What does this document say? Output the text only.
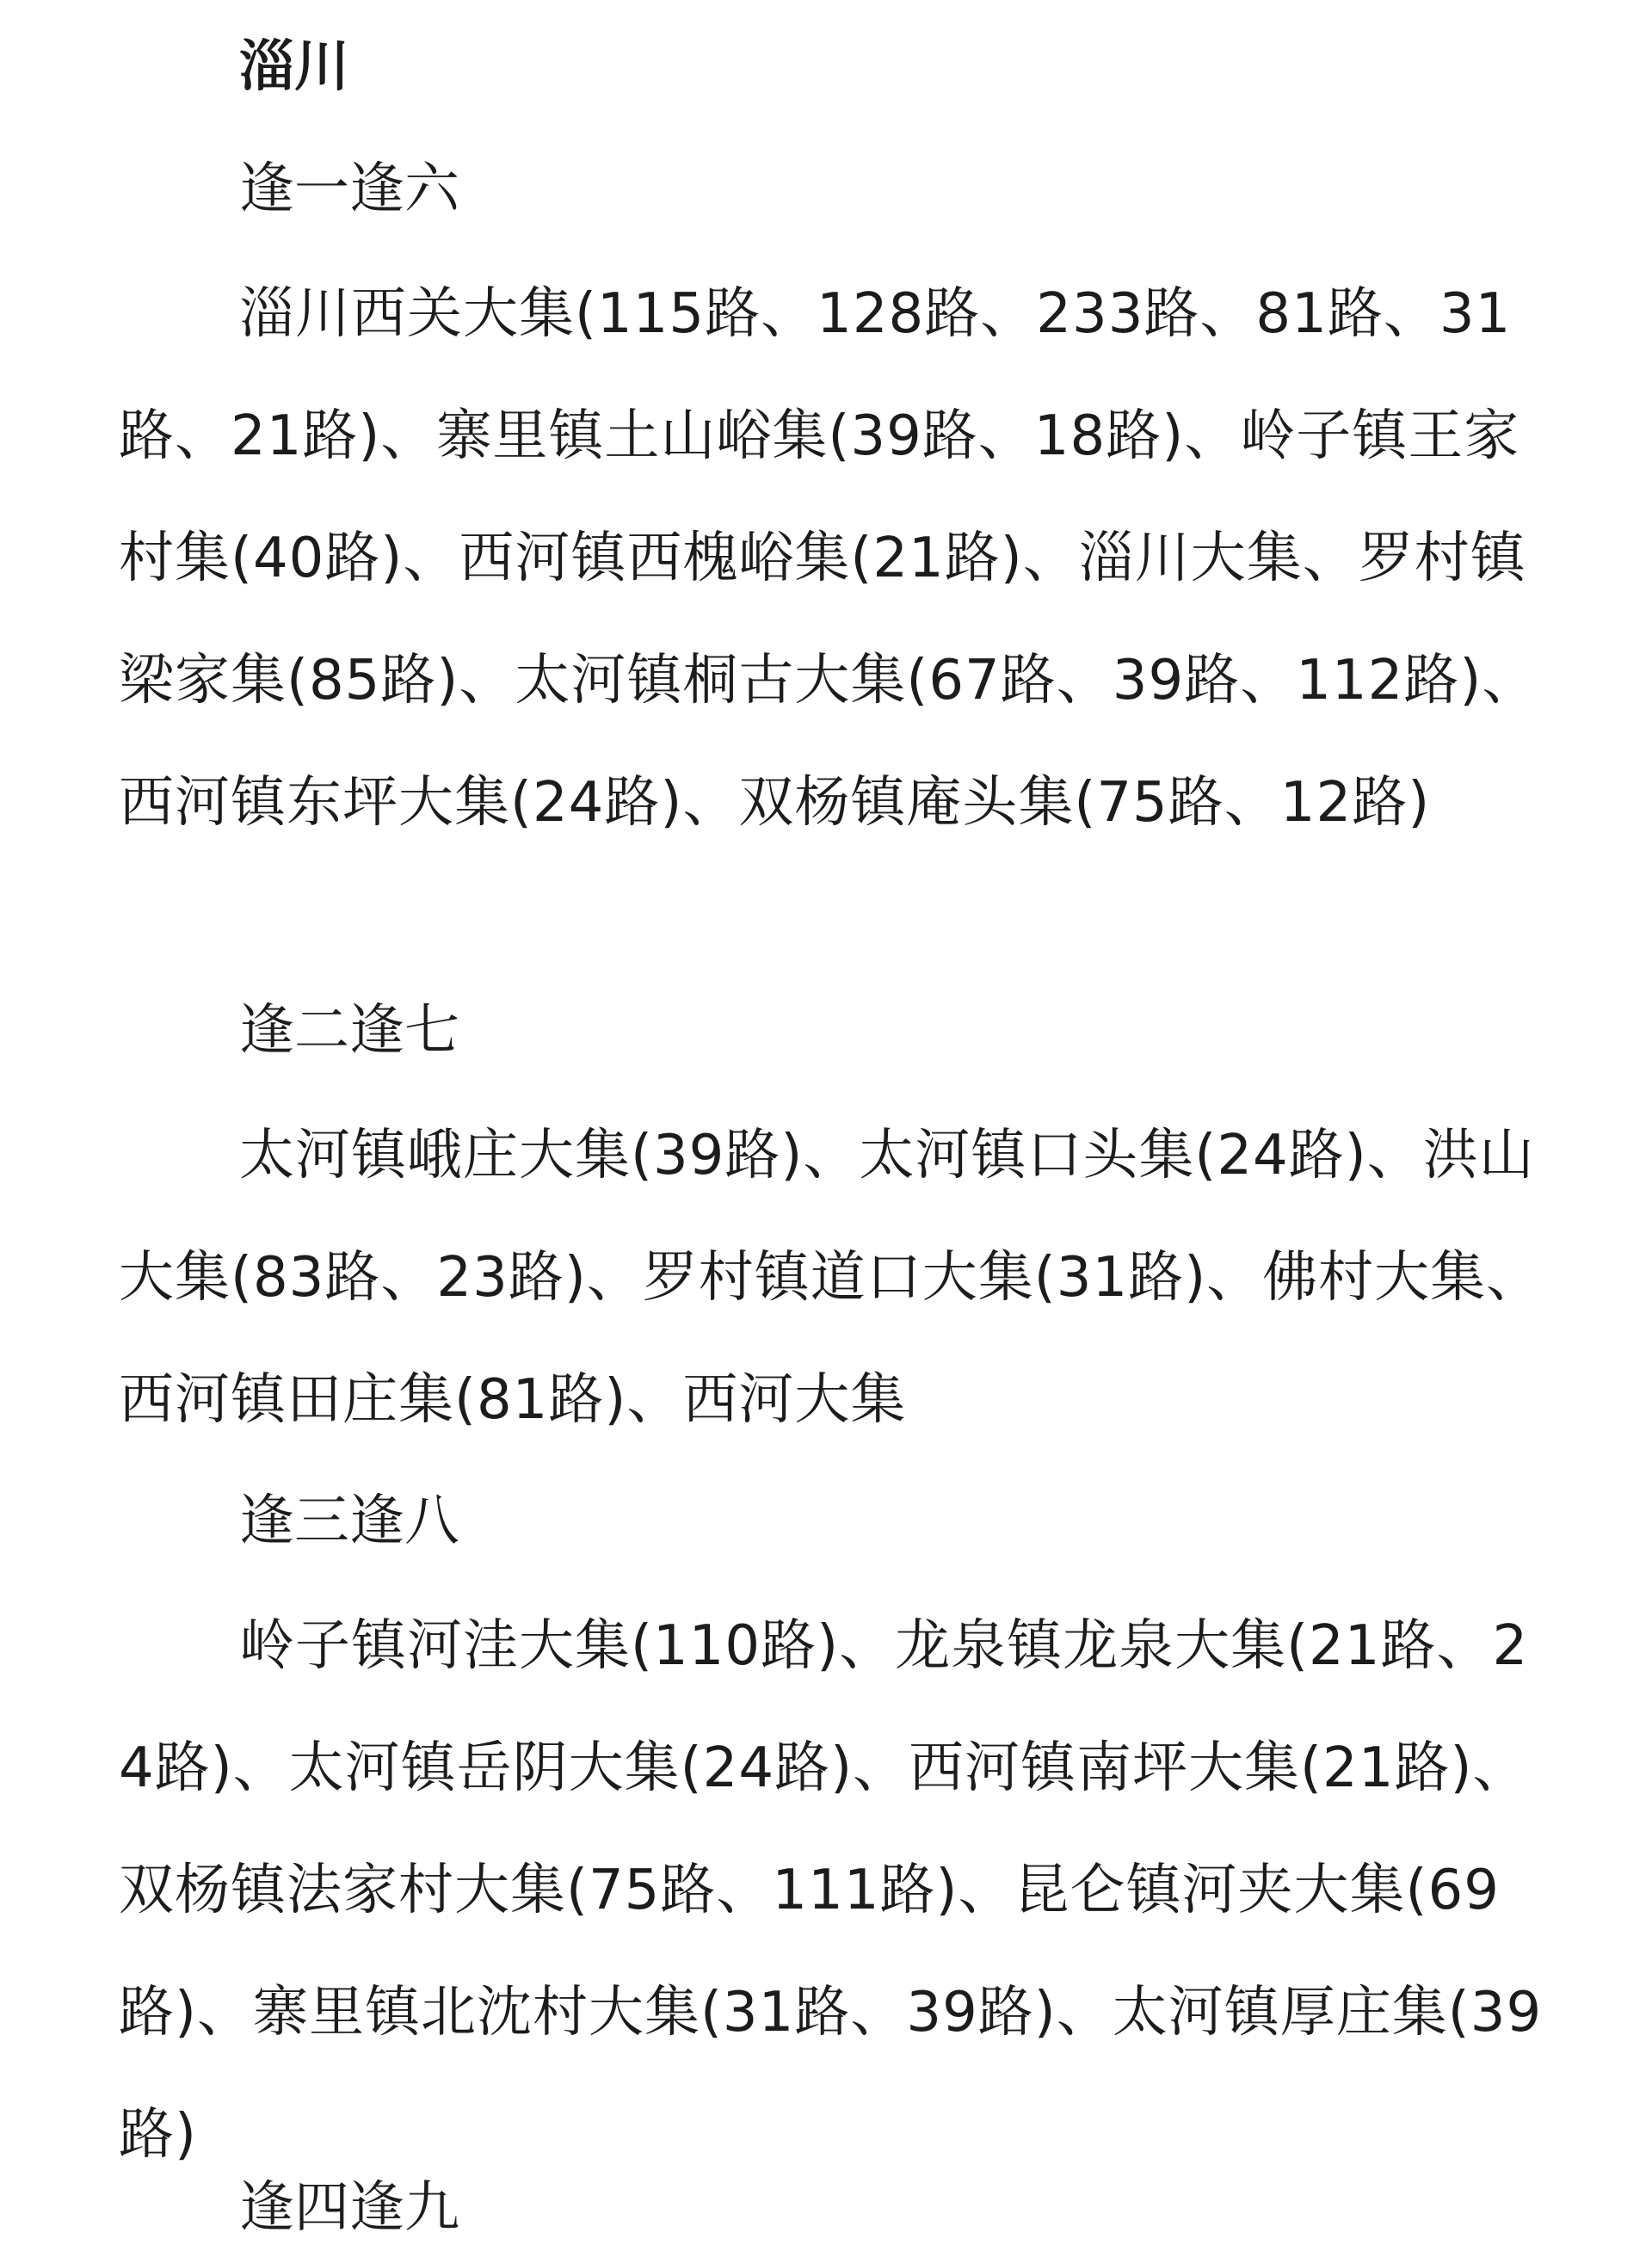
淄川
逢一逢六

淄川西关大集(115路、128路、233路、81路、31路、21路)、寨里镇土山峪集(39路、18路)、岭子镇王家村集(40路)、西河镇西槐峪集(21路)、淄川大集、罗村镇梁家集(85路)、太河镇桐古大集(67路、39路、112路)、西河镇东坪大集(24路)、双杨镇庵头集(75路、12路)

逢二逢七

太河镇峨庄大集(39路)、太河镇口头集(24路)、洪山大集(83路、23路)、罗村镇道口大集(31路)、佛村大集、西河镇田庄集(81路)、西河大集

逢三逢八

岭子镇河洼大集(110路)、龙泉镇龙泉大集(21路、24路)、太河镇岳阴大集(24路)、西河镇南坪大集(21路)、双杨镇法家村大集(75路、111路)、昆仑镇河夹大集(69路)、寨里镇北沈村大集(31路、39路)、太河镇厚庄集(39路)

逢四逢九
